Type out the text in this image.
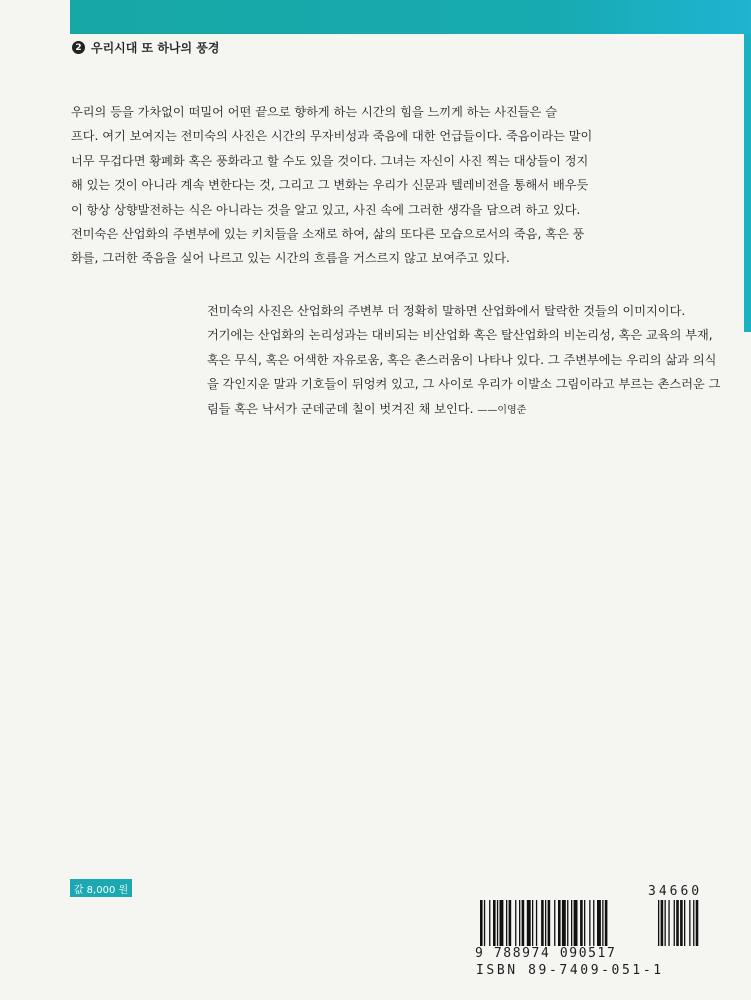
2 우리시대 또 하나의 풍경

우리의 등을 가차없이 떠밀어 어떤 끝으로 향하게 하는 시간의 힘을 느끼게 하는 사진들은 슬

프다. 여기 보여지는 전미숙의 사진은 시간의 무자비성과 죽음에 대한 언급들이다. 죽음이라는 말이

너무 무겁다면 황폐화 혹은 풍화라고 할 수도 있을 것이다. 그녀는 자신이 사진 찍는 대상들이 정지

해 있는 것이 아니라 계속 변한다는 것, 그리고 그 변화는 우리가 신문과 텔레비전을 통해서 배우듯

이 항상 상향발전하는 식은 아니라는 것을 알고 있고, 사진 속에 그러한 생각을 담으려 하고 있다.

전미숙은 산업화의 주변부에 있는 키치들을 소재로 하여, 삶의 또다른 모습으로서의 죽음, 혹은 풍

화를, 그러한 죽음을 실어 나르고 있는 시간의 흐름을 거스르지 않고 보여주고 있다.

전미숙의 사진은 산업화의 주변부 더 정확히 말하면 산업화에서 탈락한 것들의 이미지이다.

거기에는 산업화의 논리성과는 대비되는 비산업화 혹은 탈산업화의 비논리성, 혹은 교육의 부재,

혹은 무식, 혹은 어색한 자유로움, 혹은 촌스러움이 나타나 있다. 그 주변부에는 우리의 삶과 의식

을 각인지운 말과 기호들이 뒤엉켜 있고, 그 사이로 우리가 이발소 그림이라고 부르는 촌스러운 그

림들 혹은 낙서가 군데군데 칠이 벗겨진 채 보인다. ——이영준

값 8,000 원	34660
9 788974 090517
ISBN 89-7409-051-1
